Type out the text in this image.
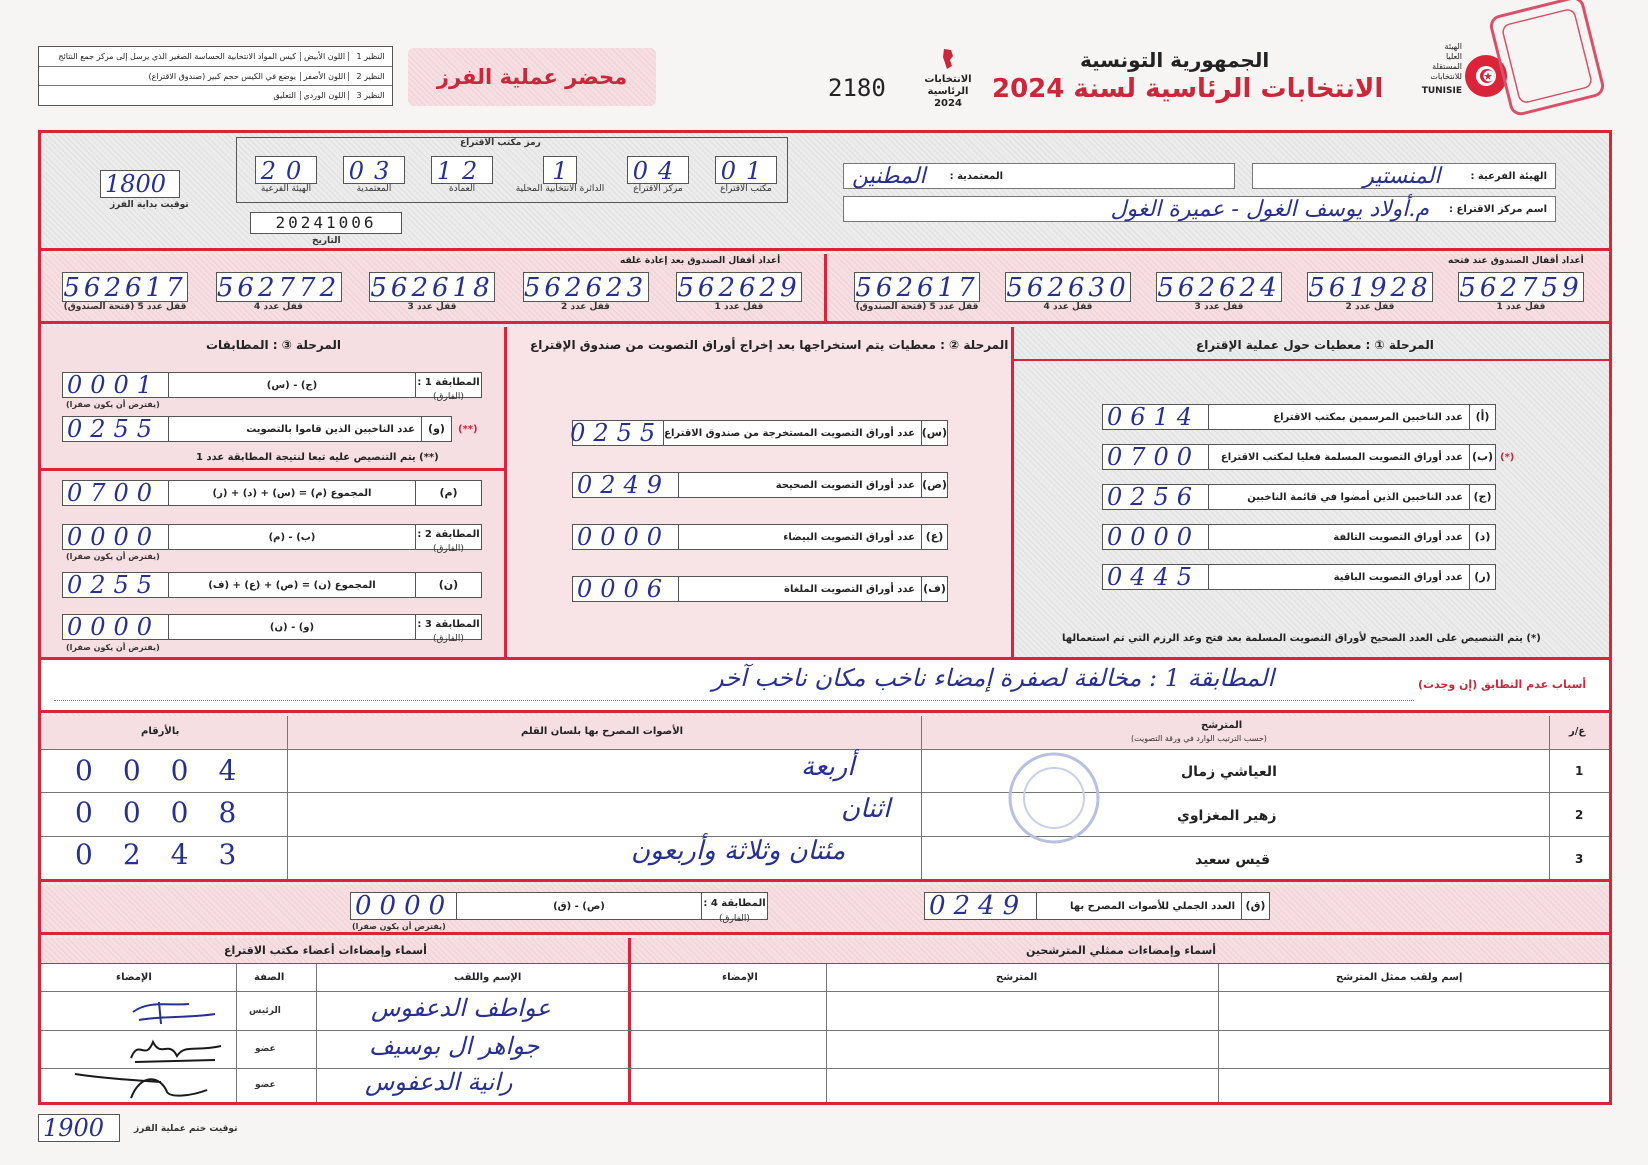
كيس المواد الانتخابية الحساسة الصغير الذي يرسل إلى مركز جمع النتائج اللون الأبيض	النظير 1
يوضع في الكيس حجم كبير (صندوق الاقتراع) اللون الأصفر	النظير 2
التعليق اللون الوردي	النظير 3
محضر عملية الفرز	2180	الانتخابات الرئاسية 2024
الجمهورية التونسية
الانتخابات الرئاسية لسنة 2024
الهيئة
العليا
المستقلة
للانتخابات
TUNISIE
1800
توقيت بداية الفرز
رمز مكتب الاقتراع
20
الهيئة الفرعية
03
المعتمدية
12
العمادة
1
الدائرة الانتخابية المحلية
04
مركز الاقتراع
01
مكتب الاقتراع
20241006
التاريخ
المعتمدية :
المطنين	الهيئة الفرعية :
المنستير
اسم مركز الاقتراع :
م.أولاد يوسف الغول - عميرة الغول
أعداد أقفال الصندوق بعد إعادة غلقه	أعداد أقفال الصندوق عند فتحه
562617
قفل عدد 5 (فتحة الصندوق)
562772
قفل عدد 4
562618
قفل عدد 3
562623
قفل عدد 2
562629
قفل عدد 1
562617
قفل عدد 5 (فتحة الصندوق)
562630
قفل عدد 4
562624
قفل عدد 3
561928
قفل عدد 2
562759
قفل عدد 1
المرحلة ③ : المطابقات	المرحلة ② : معطيات يتم استخراجها بعد إخراج أوراق التصويت من صندوق الإقتراع	المرحلة ① : معطيات حول عملية الإقتراع
(أ)
عدد الناخبين المرسمين بمكتب الاقتراع
0614
(ب)
عدد أوراق التصويت المسلمة فعليا لمكتب الاقتراع
0700
(ج)
عدد الناخبين الذين أمضوا في قائمة الناخبين
0256
(د)
عدد أوراق التصويت التالفة
0000
(ر)
عدد أوراق التصويت الباقية
0445
(*)
(*) يتم التنصيص على العدد الصحيح لأوراق التصويت المسلمة بعد فتح وعد الرزم التي تم استعمالها
(س)
عدد أوراق التصويت المستخرجة من صندوق الاقتراع
0255
(ص)
عدد أوراق التصويت الصحيحة
0249
(ع)
عدد أوراق التصويت البيضاء
0000
(ف)
عدد أوراق التصويت الملغاة
0006
المطابقة 1 :
(الفارق)
(ج) - (س)
0001
(يفترض أن يكون صفرا)
(و)
عدد الناخبين الذين قاموا بالتصويت
0255	(**)
(**) يتم التنصيص عليه تبعا لنتيجة المطابقة عدد 1
(م)
المجموع (م) = (س) + (د) + (ر)
0700
المطابقة 2 :
(الفارق)
(ب) - (م)
0000
(يفترض أن يكون صفرا)
(ن)
المجموع (ن) = (ص) + (ع) + (ف)
0255
المطابقة 3 :
(الفارق)
(و) - (ن)
0000
(يفترض أن يكون صفرا)
أسباب عدم التطابق (إن وجدت)
المطابقة 1 : مخالفة لصفرة إمضاء ناخب مكان ناخب آخر
بالأرقام	الأصوات المصرح بها بلسان القلم
المترشح
(حسب الترتيب الوارد في ورقة التصويت)
ع/ر
0004	أربعة	العياشي زمال	1
0008	اثنان	زهير المغزاوي	2
0243	مئتان وثلاثة وأربعون	قيس سعيد	3
(ق)
العدد الجملي للأصوات المصرح بها
0249
المطابقة 4 :
(الفارق)
(ص) - (ق)
0000
(يفترض أن يكون صفرا)
أسماء وإمضاءات أعضاء مكتب الاقتراع	أسماء وإمضاءات ممثلي المترشحين
الإمضاء	الصفة	الإسم واللقب	الإمضاء	المترشح	إسم ولقب ممثل المترشح
الرئيس	عواطف الدعفوس
عضو	جواهر ال بوسيف
عضو	رانية الدعفوس
1900	توقيت ختم عملية الفرز
